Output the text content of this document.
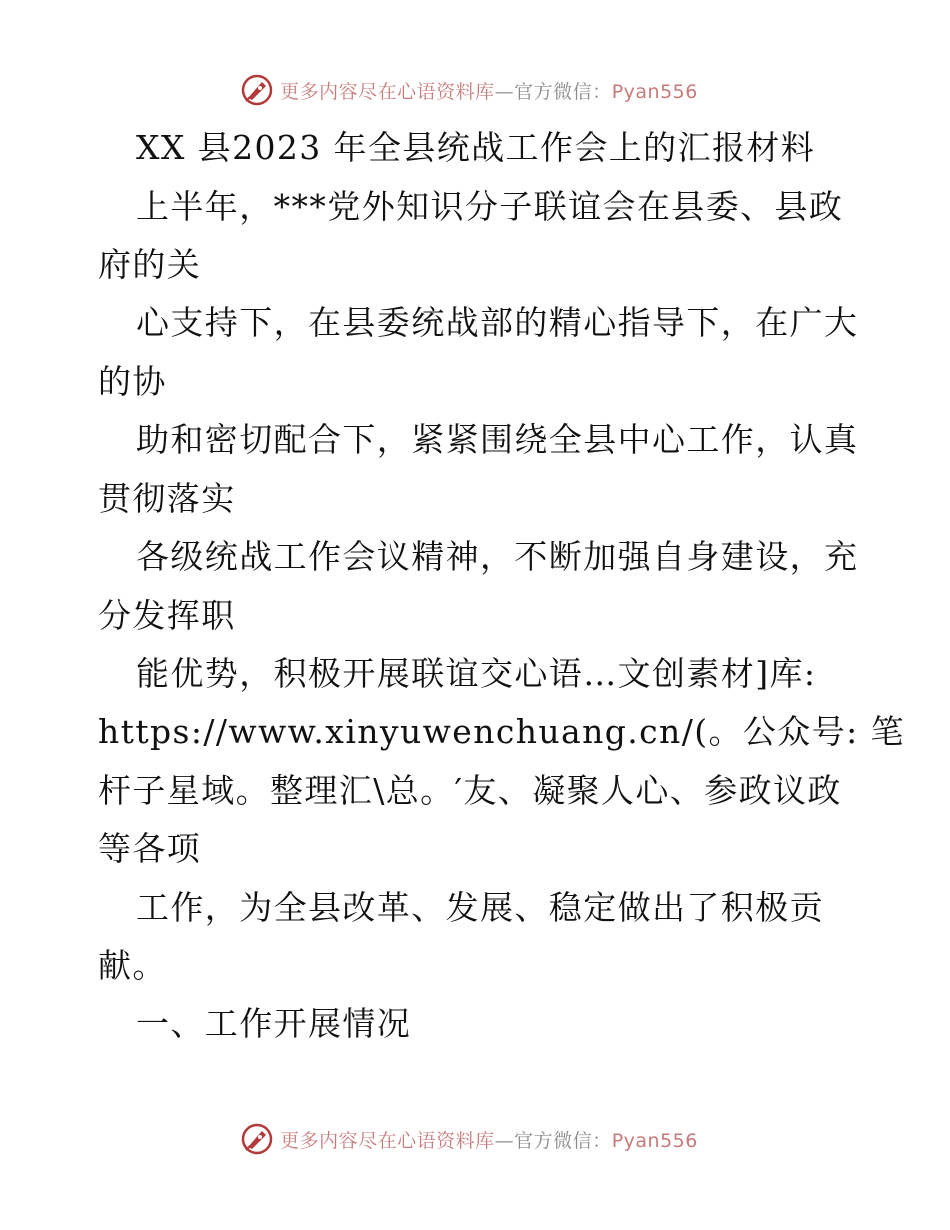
更多内容尽在心语资料库—官方微信：Pyan556
XX 县2023 年全县统战工作会上的汇报材料
上半年，***党外知识分子联谊会在县委、县政
府的关
心支持下，在县委统战部的精心指导下，在广大
的协
助和密切配合下，紧紧围绕全县中心工作，认真
贯彻落实
各级统战工作会议精神，不断加强自身建设，充
分发挥职
能优势，积极开展联谊交心语…文创素材]库:
https://www.xinyuwenchuang.cn/(。公众号: 笔
杆子星域。整理汇\总。′友、凝聚人心、参政议政
等各项
工作，为全县改革、发展、稳定做出了积极贡
献。
一、工作开展情况
更多内容尽在心语资料库—官方微信：Pyan556
